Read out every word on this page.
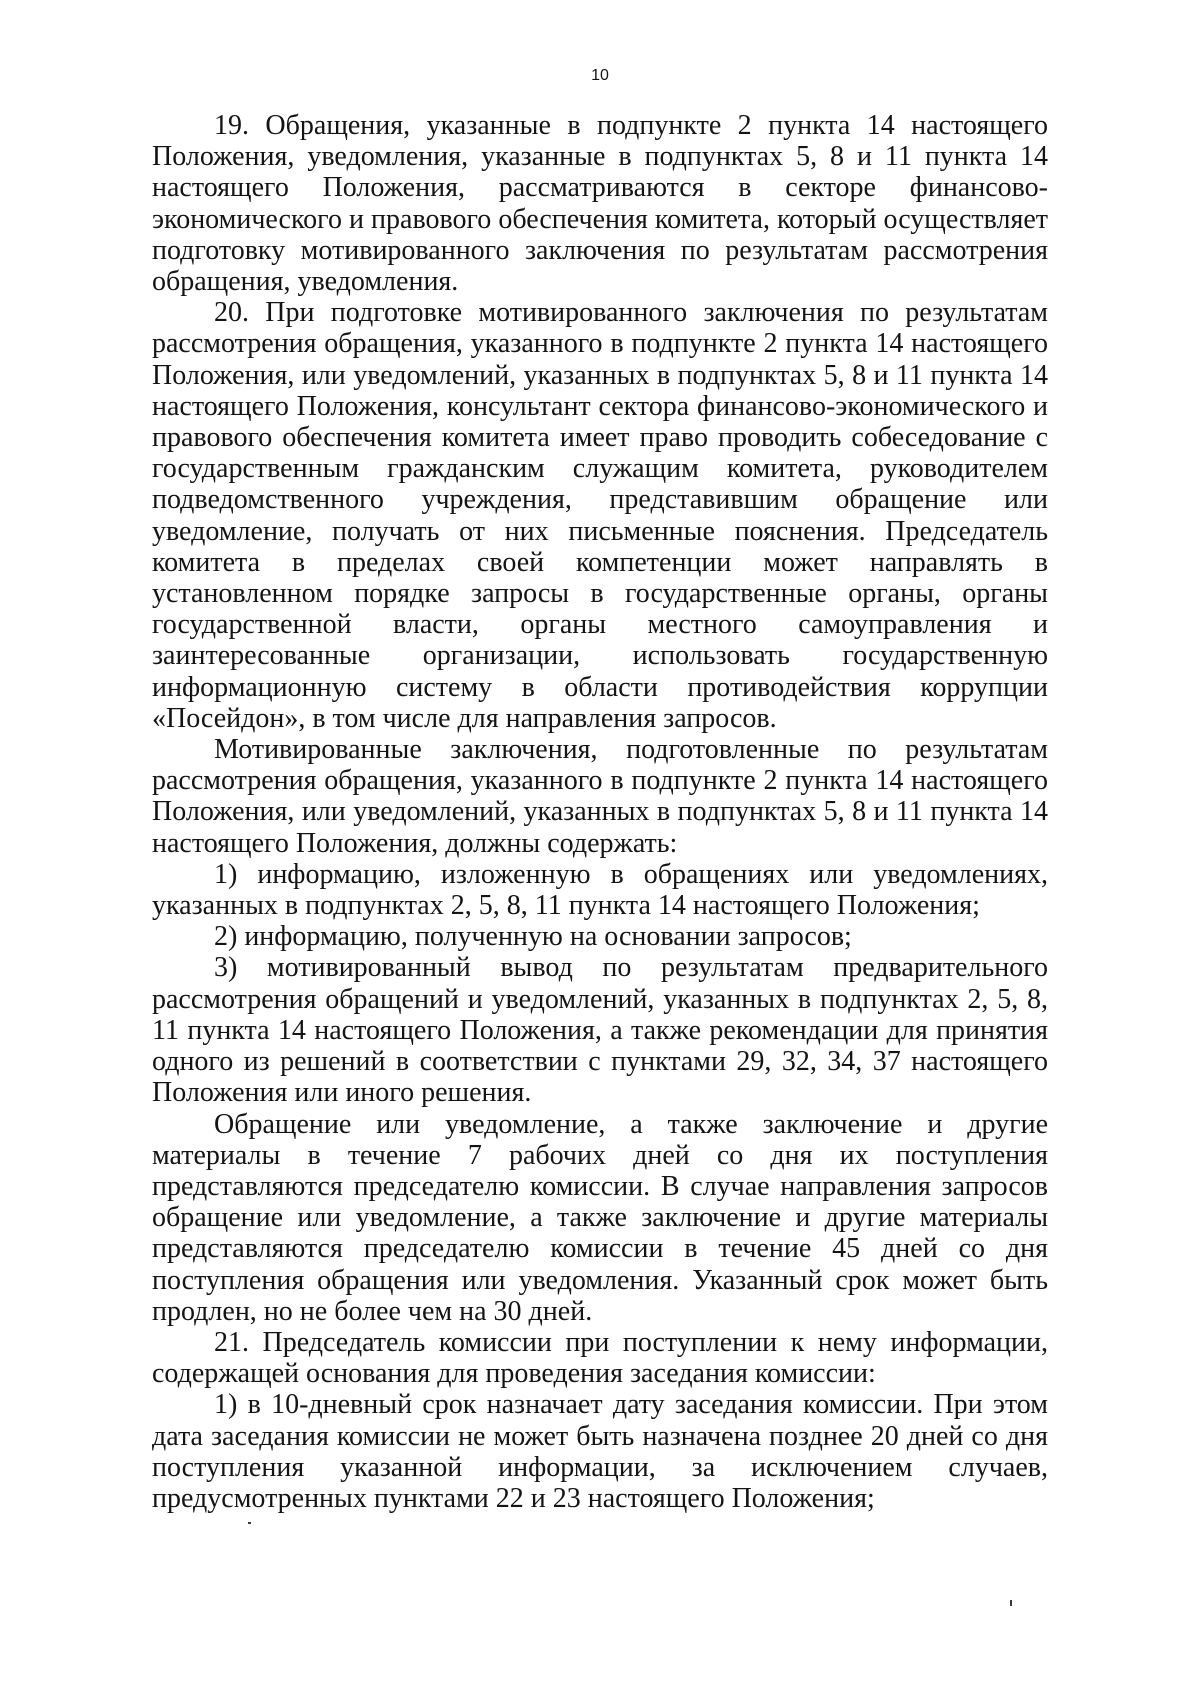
10

19. Обращения, указанные в подпункте 2 пункта 14 настоящего Положения, уведомления, указанные в подпунктах 5, 8 и 11 пункта 14 настоящего Положения, рассматриваются в секторе финансово-экономического и правового обеспечения комитета, который осуществляет подготовку мотивированного заключения по результатам рассмотрения обращения, уведомления.

20. При подготовке мотивированного заключения по результатам рассмотрения обращения, указанного в подпункте 2 пункта 14 настоящего Положения, или уведомлений, указанных в подпунктах 5, 8 и 11 пункта 14 настоящего Положения, консультант сектора финансово-экономического и правового обеспечения комитета имеет право проводить собеседование с государственным гражданским служащим комитета, руководителем подведомственного учреждения, представившим обращение или уведомление, получать от них письменные пояснения. Председатель комитета в пределах своей компетенции может направлять в установленном порядке запросы в государственные органы, органы государственной власти, органы местного самоуправления и заинтересованные организации, использовать государственную информационную систему в области противодействия коррупции «Посейдон», в том числе для направления запросов.

Мотивированные заключения, подготовленные по результатам рассмотрения обращения, указанного в подпункте 2 пункта 14 настоящего Положения, или уведомлений, указанных в подпунктах 5, 8 и 11 пункта 14 настоящего Положения, должны содержать:

1) информацию, изложенную в обращениях или уведомлениях, указанных в подпунктах 2, 5, 8, 11 пункта 14 настоящего Положения;

2) информацию, полученную на основании запросов;

3) мотивированный вывод по результатам предварительного рассмотрения обращений и уведомлений, указанных в подпунктах 2, 5, 8, 11 пункта 14 настоящего Положения, а также рекомендации для принятия одного из решений в соответствии с пунктами 29, 32, 34, 37 настоящего Положения или иного решения.

Обращение или уведомление, а также заключение и другие материалы в течение 7 рабочих дней со дня их поступления представляются председателю комиссии. В случае направления запросов обращение или уведомление, а также заключение и другие материалы представляются председателю комиссии в течение 45 дней со дня поступления обращения или уведомления. Указанный срок может быть продлен, но не более чем на 30 дней.

21. Председатель комиссии при поступлении к нему информации, содержащей основания для проведения заседания комиссии:

1) в 10-дневный срок назначает дату заседания комиссии. При этом дата заседания комиссии не может быть назначена позднее 20 дней со дня поступления указанной информации, за исключением случаев, предусмотренных пунктами 22 и 23 настоящего Положения;
